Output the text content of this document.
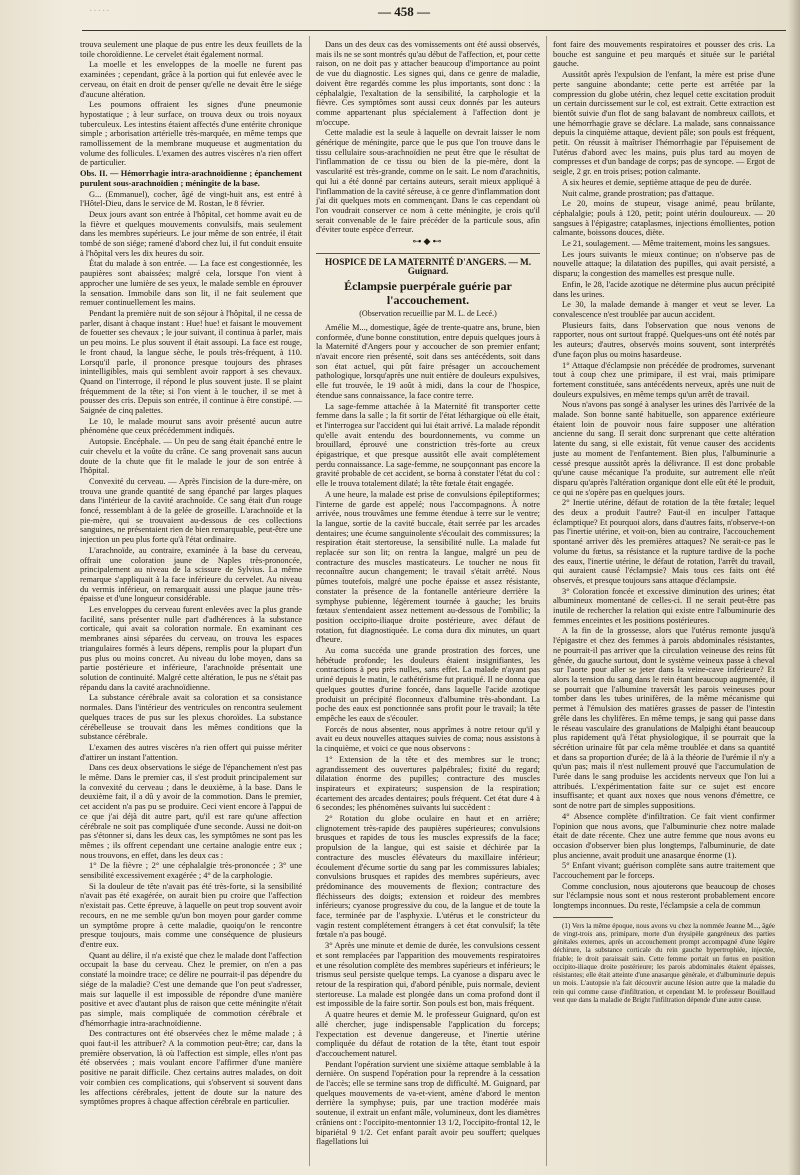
·····	— 458 —

trouva seulement une plaque de pus entre les deux feuillets de la toile choroïdienne. Le cervelet était également normal.

La moelle et les enveloppes de la moelle ne furent pas examinées ; cependant, grâce à la portion qui fut enlevée avec le cerveau, on était en droit de penser qu'elle ne devait être le siége d'aucune altération.

Les poumons offraient les signes d'une pneumonie hypostatique ; à leur surface, on trouva deux ou trois noyaux tuberculeux. Les intestins étaient affectés d'une entérite chronique simple ; arborisation artérielle très-marquée, en même temps que ramollissement de la membrane muqueuse et augmentation du volume des follicules. L'examen des autres viscères n'a rien offert de particulier.

Obs. II. — Hémorrhagie intra-arachnoïdienne ; épanchement purulent sous-arachnoïdien ; méningite de la base.

G... (Emmanuel), cocher, âgé de vingt-huit ans, est entré à l'Hôtel-Dieu, dans le service de M. Rostan, le 8 février.

Deux jours avant son entrée à l'hôpital, cet homme avait eu de la fièvre et quelques mouvements convulsifs, mais seulement dans les membres supérieurs. Le jour même de son entrée, il était tombé de son siége; ramené d'abord chez lui, il fut conduit ensuite à l'hôpital vers les dix heures du soir.

État du malade à son entrée. — La face est congestionnée, les paupières sont abaissées; malgré cela, lorsque l'on vient à approcher une lumière de ses yeux, le malade semble en éprouver la sensation. Immobile dans son lit, il ne fait seulement que remuer continuellement les mains.

Pendant la première nuit de son séjour à l'hôpital, il ne cessa de parler, disant à chaque instant : Hue! hue! et faisant le mouvement de fouetter ses chevaux ; le jour suivant, il continua à parler, mais un peu moins. Le plus souvent il était assoupi. La face est rouge, le front chaud, la langue sèche, le pouls très-fréquent, à 110. Lorsqu'il parle, il prononce presque toujours des phrases inintelligibles, mais qui semblent avoir rapport à ses chevaux. Quand on l'interroge, il répond le plus souvent juste. Il se plaint fréquemment de la tête; si l'on vient à le toucher, il se met à pousser des cris. Depuis son entrée, il continue à être constipé. — Saignée de cinq palettes.

Le 10, le malade mourut sans avoir présenté aucun autre phénomène que ceux précédemment indiqués.

Autopsie. Encéphale. — Un peu de sang était épanché entre le cuir chevelu et la voûte du crâne. Ce sang provenait sans aucun doute de la chute que fit le malade le jour de son entrée à l'hôpital.

Convexité du cerveau. — Après l'incision de la dure-mère, on trouva une grande quantité de sang épanché par larges plaques dans l'intérieur de la cavité arachnoïde. Ce sang était d'un rouge foncé, ressemblant à de la gelée de groseille. L'arachnoïde et la pie-mère, qui se trouvaient au-dessous de ces collections sanguines, ne présentaient rien de bien remarquable, peut-être une injection un peu plus forte qu'à l'état ordinaire.

L'arachnoïde, au contraire, examinée à la base du cerveau, offrait une coloration jaune de Naples très-prononcée, principalement au niveau de la scissure de Sylvius. La même remarque s'appliquait à la face inférieure du cervelet. Au niveau du vermis inférieur, on remarquait aussi une plaque jaune très-épaisse et d'une longueur considérable.

Les enveloppes du cerveau furent enlevées avec la plus grande facilité, sans présenter nulle part d'adhérences à la substance corticale, qui avait sa coloration normale. En examinant ces membranes ainsi séparées du cerveau, on trouva les espaces triangulaires formés à leurs dépens, remplis pour la plupart d'un pus plus ou moins concret. Au niveau du lobe moyen, dans sa partie postérieure et inférieure, l'arachnoïde présentait une solution de continuité. Malgré cette altération, le pus ne s'était pas répandu dans la cavité arachnoïdienne.

La substance cérébrale avait sa coloration et sa consistance normales. Dans l'intérieur des ventricules on rencontra seulement quelques traces de pus sur les plexus choroïdes. La substance cérébelleuse se trouvait dans les mêmes conditions que la substance cérébrale.

L'examen des autres viscères n'a rien offert qui puisse mériter d'attirer un instant l'attention.

Dans ces deux observations le siége de l'épanchement n'est pas le même. Dans le premier cas, il s'est produit principalement sur la convexité du cerveau ; dans le deuxième, à la base. Dans le deuxième fait, il a dû y avoir de la commotion. Dans le premier, cet accident n'a pas pu se produire. Ceci vient encore à l'appui de ce que j'ai déjà dit autre part, qu'il est rare qu'une affection cérébrale ne soit pas compliquée d'une seconde. Aussi ne doit-on pas s'étonner si, dans les deux cas, les symptômes ne sont pas les mêmes ; ils offrent cependant une certaine analogie entre eux ; nous trouvons, en effet, dans les deux cas :

1° De la fièvre ; 2° une céphalalgie très-prononcée ; 3° une sensibilité excessivement exagérée ; 4° de la carphologie.

Si la douleur de tête n'avait pas été très-forte, si la sensibilité n'avait pas été exagérée, on aurait bien pu croire que l'affection n'existait pas. Cette épreuve, à laquelle on peut trop souvent avoir recours, en ne me semble qu'un bon moyen pour garder comme un symptôme propre à cette maladie, quoiqu'on le rencontre presque toujours, mais comme une conséquence de plusieurs d'entre eux.

Quant au délire, il n'a existé que chez le malade dont l'affection occupait la base du cerveau. Chez le premier, on n'en a pas constaté la moindre trace; ce délire ne pourrait-il pas dépendre du siége de la maladie? C'est une demande que l'on peut s'adresser, mais sur laquelle il est impossible de répondre d'une manière positive et avec d'autant plus de raison que cette méningite n'était pas simple, mais compliquée de commotion cérébrale et d'hémorrhagie intra-arachnoïdienne.

Des contractures ont été observées chez le même malade ; à quoi faut-il les attribuer? A la commotion peut-être; car, dans la première observation, là où l'affection est simple, elles n'ont pas été observées ; mais voulant encore l'affirmer d'une manière positive ne parait difficile. Chez certains autres malades, on doit voir combien ces complications, qui s'observent si souvent dans les affections cérébrales, jettent de doute sur la nature des symptômes propres à chaque affection cérébrale en particulier.

Dans un des deux cas des vomissements ont été aussi observés, mais ils ne se sont montrés qu'au début de l'affection, et, pour cette raison, on ne doit pas y attacher beaucoup d'importance au point de vue du diagnostic. Les signes qui, dans ce genre de maladie, doivent être regardés comme les plus importants, sont donc : la céphalalgie, l'exaltation de la sensibilité, la carphologie et la fièvre. Ces symptômes sont aussi ceux donnés par les auteurs comme appartenant plus spécialement à l'affection dont je m'occupe.

Cette maladie est la seule à laquelle on devrait laisser le nom générique de méningite, parce que le pus que l'on trouve dans le tissu cellulaire sous-arachnoïdien ne peut être que le résultat de l'inflammation de ce tissu ou bien de la pie-mère, dont la vascularité est très-grande, comme on le sait. Le nom d'arachnitis, qui lui a été donné par certains auteurs, serait mieux appliqué à l'inflammation de la cavité séreuse, à ce genre d'inflammation dont j'ai dit quelques mots en commençant. Dans le cas cependant où l'on voudrait conserver ce nom à cette méningite, je crois qu'il serait convenable de le faire précéder de la particule sous, afin d'éviter toute espèce d'erreur.

⊶◆⊷

HOSPICE DE LA MATERNITÉ D'ANGERS. — M. Guignard.

Éclampsie puerpérale guérie par l'accouchement.

(Observation recueillie par M. L. de Lecé.)

Amélie M..., domestique, âgée de trente-quatre ans, brune, bien conformée, d'une bonne constitution, entre depuis quelques jours à la Maternité d'Angers pour y accoucher de son premier enfant; n'avait encore rien présenté, soit dans ses antécédents, soit dans son état actuel, qui pût faire présager un accouchement pathologique, lorsqu'après une nuit entière de douleurs expulsives, elle fut trouvée, le 19 août à midi, dans la cour de l'hospice, étendue sans connaissance, la face contre terre.

La sage-femme attachée à la Maternité fit transporter cette femme dans la salle ; la fit sortir de l'état léthargique où elle était, et l'interrogea sur l'accident qui lui était arrivé. La malade répondit qu'elle avait entendu des bourdonnements, vu comme un brouillard, éprouvé une constriction très-forte au creux épigastrique, et que presque aussitôt elle avait complétement perdu connaissance. La sage-femme, ne soupçonnant pas encore la gravité probable de cet accident, se borna à constater l'état du col : elle le trouva totalement dilaté; la tête fœtale était engagée.

A une heure, la malade est prise de convulsions épileptiformes; l'interne de garde est appelé; nous l'accompagnons. À notre arrivée, nous trouvâmes une femme étendue à terre sur le ventre; la langue, sortie de la cavité buccale, était serrée par les arcades dentaires; une écume sanguinolente s'écoulait des commissures; la respiration était stertoreuse, la sensibilité nulle. La malade fut replacée sur son lit; on rentra la langue, malgré un peu de contracture des muscles masticateurs. Le toucher ne nous fit reconnaître aucun changement; le travail s'était arrêté. Nous pûmes toutefois, malgré une poche épaisse et assez résistante, constater la présence de la fontanelle antérieure derrière la symphyse pubienne, légèrement tournée à gauche; les bruits fœtaux s'entendaient assez nettement au-dessous de l'ombilic; la position occipito-iliaque droite postérieure, avec défaut de rotation, fut diagnostiquée. Le coma dura dix minutes, un quart d'heure.

Au coma succéda une grande prostration des forces, une hébétude profonde; les douleurs étaient insignifiantes, les contractions à peu près nulles, sans effet. La malade n'ayant pas uriné depuis le matin, le cathétérisme fut pratiqué. Il ne donna que quelques gouttes d'urine foncée, dans laquelle l'acide azotique produisit un précipité floconneux d'albumine très-abondant. La poche des eaux est ponctionnée sans profit pour le travail; la tête empêche les eaux de s'écouler.

Forcés de nous absenter, nous apprîmes à notre retour qu'il y avait eu deux nouvelles attaques suivies de coma; nous assistons à la cinquième, et voici ce que nous observons :

1° Extension de la tête et des membres sur le tronc; agrandissement des ouvertures palpébrales; fixité du regard; dilatation énorme des pupilles; contracture des muscles inspirateurs et expirateurs; suspension de la respiration; écartement des arcades dentaires; pouls fréquent. Cet état dure 4 à 6 secondes; les phénomènes suivants lui succèdent :

2° Rotation du globe oculaire en haut et en arrière; clignotement très-rapide des paupières supérieures; convulsions brusques et rapides de tous les muscles expressifs de la face; propulsion de la langue, qui est saisie et déchirée par la contracture des muscles élévateurs du maxillaire inférieur; écoulement d'écume sortie du sang par les commissures labiales; convulsions brusques et rapides des membres supérieurs, avec prédominance des mouvements de flexion; contracture des fléchisseurs des doigts; extension et roideur des membres inférieurs; cyanose progressive du cou, de la langue et de toute la face, terminée par de l'asphyxie. L'utérus et le constricteur du vagin restent complétement étrangers à cet état convulsif; la tête fœtale n'a pas bougé.

3° Après une minute et demie de durée, les convulsions cessent et sont remplacées par l'apparition des mouvements respiratoires et une résolution complète des membres supérieurs et inférieurs; le trismus seul persiste quelque temps. La cyanose a disparu avec le retour de la respiration qui, d'abord pénible, puis normale, devient stertoreuse. La malade est plongée dans un coma profond dont il est impossible de la faire sortir. Son pouls est bon, mais fréquent.

A quatre heures et demie M. le professeur Guignard, qu'on est allé chercher, juge indispensable l'application du forceps; l'expectation est devenue dangereuse, et l'inertie utérine compliquée du défaut de rotation de la tête, étant tout espoir d'accouchement naturel.

Pendant l'opération survient une sixième attaque semblable à la dernière. On suspend l'opération pour la reprendre à la cessation de l'accès; elle se termine sans trop de difficulté. M. Guignard, par quelques mouvements de va-et-vient, amène d'abord le menton derrière la symphyse; puis, par une traction modérée mais soutenue, il extrait un enfant mâle, volumineux, dont les diamètres crâniens ont : l'occipito-mentonnier 13 1/2, l'occipito-frontal 12, le bipariétal 9 1/2. Cet enfant paraît avoir peu souffert; quelques flagellations lui

font faire des mouvements respiratoires et pousser des cris. La bouche est sanguine et peu marqués et située sur le pariétal gauche.

Aussitôt après l'expulsion de l'enfant, la mère est prise d'une perte sanguine abondante; cette perte est arrêtée par la compression du globe utérin, chez lequel cette excitation produit un certain durcissement sur le col, est extrait. Cette extraction est bientôt suivie d'un flot de sang balavant de nombreux caillots, et une hémorrhagie grave se déclare. La malade, sans connaissance depuis la cinquième attaque, devient pâle; son pouls est fréquent, petit. On réussit à maîtriser l'hémorrhagie par l'épuisement de l'utérus d'abord avec les mains, puis plus tard au moyen de compresses et d'un bandage de corps; pas de syncope. — Ergot de seigle, 2 gr. en trois prises; potion calmante.

A six heures et demie, septième attaque de peu de durée.

Nuit calme, grande prostration; pas d'attaque.

Le 20, moins de stupeur, visage animé, peau brûlante, céphalalgie; pouls à 120, petit; point utérin douloureux. — 20 sangsues à l'épigastre; cataplasmes, injections émollientes, potion calmante, boissons douces, diète.

Le 21, soulagement. — Même traitement, moins les sangsues.

Les jours suivants le mieux continue; on n'observe pas de nouvelle attaque; la dilatation des pupilles, qui avait persisté, a disparu; la congestion des mamelles est presque nulle.

Enfin, le 28, l'acide azotique ne détermine plus aucun précipité dans les urines.

Le 30, la malade demande à manger et veut se lever. La convalescence n'est troublée par aucun accident.

Plusieurs faits, dans l'observation que nous venons de rapporter, nous ont surtout frappé. Quelques-uns ont été notés par les auteurs; d'autres, observés moins souvent, sont interprétés d'une façon plus ou moins hasardeuse.

1° Attaque d'éclampsie non précédée de prodromes, survenant tout à coup chez une primipare, il est vrai, mais primipare fortement constituée, sans antécédents nerveux, après une nuit de douleurs expulsives, en même temps qu'un arrêt de travail.

Nous n'avons pas songé à analyser les urines dès l'arrivée de la malade. Son bonne santé habituelle, son apparence extérieure étaient loin de pouvoir nous faire supposer une altération ancienne du sang. Il serait donc surprenant que cette altération latente du sang, si elle existait, fût venue causer des accidents juste au moment de l'enfantement. Bien plus, l'albuminurie a cessé presque aussitôt après la délivrance. Il est donc probable qu'une cause mécanique l'a produite, sur autrement elle n'eût disparu qu'après l'altération organique dont elle eût été le produit, ce qui ne s'opère pas en quelques jours.

2° Inertie utérine, défaut de rotation de la tête fœtale; lequel des deux a produit l'autre? Faut-il en inculper l'attaque éclamptique? Et pourquoi alors, dans d'autres faits, n'observe-t-on pas l'inertie utérine, et voit-on, bien au contraire, l'accouchement spontané arriver dès les premières attaques? Ne serait-ce pas le volume du fœtus, sa résistance et la rupture tardive de la poche des eaux, l'inertie utérine, le défaut de rotation, l'arrêt du travail, qui auraient causé l'éclampsie? Mais tous ces faits ont été observés, et presque toujours sans attaque d'éclampsie.

3° Coloration foncée et excessive diminution des urines; état albumineux momentané de celles-ci. Il ne serait peut-être pas inutile de rechercher la relation qui existe entre l'albuminurie des femmes enceintes et les positions postérieures.

A la fin de la grossesse, alors que l'utérus remonte jusqu'à l'épigastre et chez des femmes à parois abdominales résistantes, ne pourrait-il pas arriver que la circulation veineuse des reins fût gênée, du gauche surtout, dont le système veineux passe à cheval sur l'aorte pour aller se jeter dans la veine-cave inférieure? Et alors la tension du sang dans le rein étant beaucoup augmentée, il se pourrait que l'albumine traversât les parois veineuses pour tomber dans les tubes urinifères, de la même mécanisme qui permet à l'émulsion des matières grasses de passer de l'intestin grêle dans les chylifères. En même temps, je sang qui passe dans le réseau vasculaire des granulations de Malpighi étant beaucoup plus rapidement qu'à l'état physiologique, il se pourrait que la sécrétion urinaire fût par cela même troublée et dans sa quantité et dans sa proportion d'urée; de là à la théorie de l'urémie il n'y a qu'un pas; mais il n'est nullement prouvé que l'accumulation de l'urée dans le sang produise les accidents nerveux que l'on lui a attribués. L'expérimentation faite sur ce sujet est encore insuffisante; et quant aux noxes que nous venons d'émettre, ce sont de notre part de simples suppositions.

4° Absence complète d'infiltration. Ce fait vient confirmer l'opinion que nous avons, que l'albuminurie chez notre malade était de date récente. Chez une autre femme que nous avons eu occasion d'observer bien plus longtemps, l'albuminurie, de date plus ancienne, avait produit une anasarque énorme (1).

5° Enfant vivant; guérison complète sans autre traitement que l'accouchement par le forceps.

Comme conclusion, nous ajouterons que beaucoup de choses sur l'éclampsie nous sont et nous resteront probablement encore longtemps inconnues. Du reste, l'éclampsie a cela de commun

(1) Vers la même époque, nous avons vu chez la nommée Jeanne M..., âgée de vingt-trois ans, primipare, morte d'un érysipèle gangréneux des parties génitales externes, après un accouchement prompt accompagné d'une légère déchirure, la substance corticale du rein gauche hypertrophiée, injectée, friable; le droit paraissait sain. Cette femme portait un fœtus en position occipito-iliaque droite postérieure; les parois abdominales étaient épaisses, résistantes; elle était atteinte d'une anasarque générale, et d'albuminurie depuis un mois. L'autopsie n'a fait découvrir aucune lésion autre que la maladie du rein qui comme cause d'infiltration, et cependant M. le professeur Bouillaud veut que dans la maladie de Bright l'infiltration dépende d'une autre cause.
